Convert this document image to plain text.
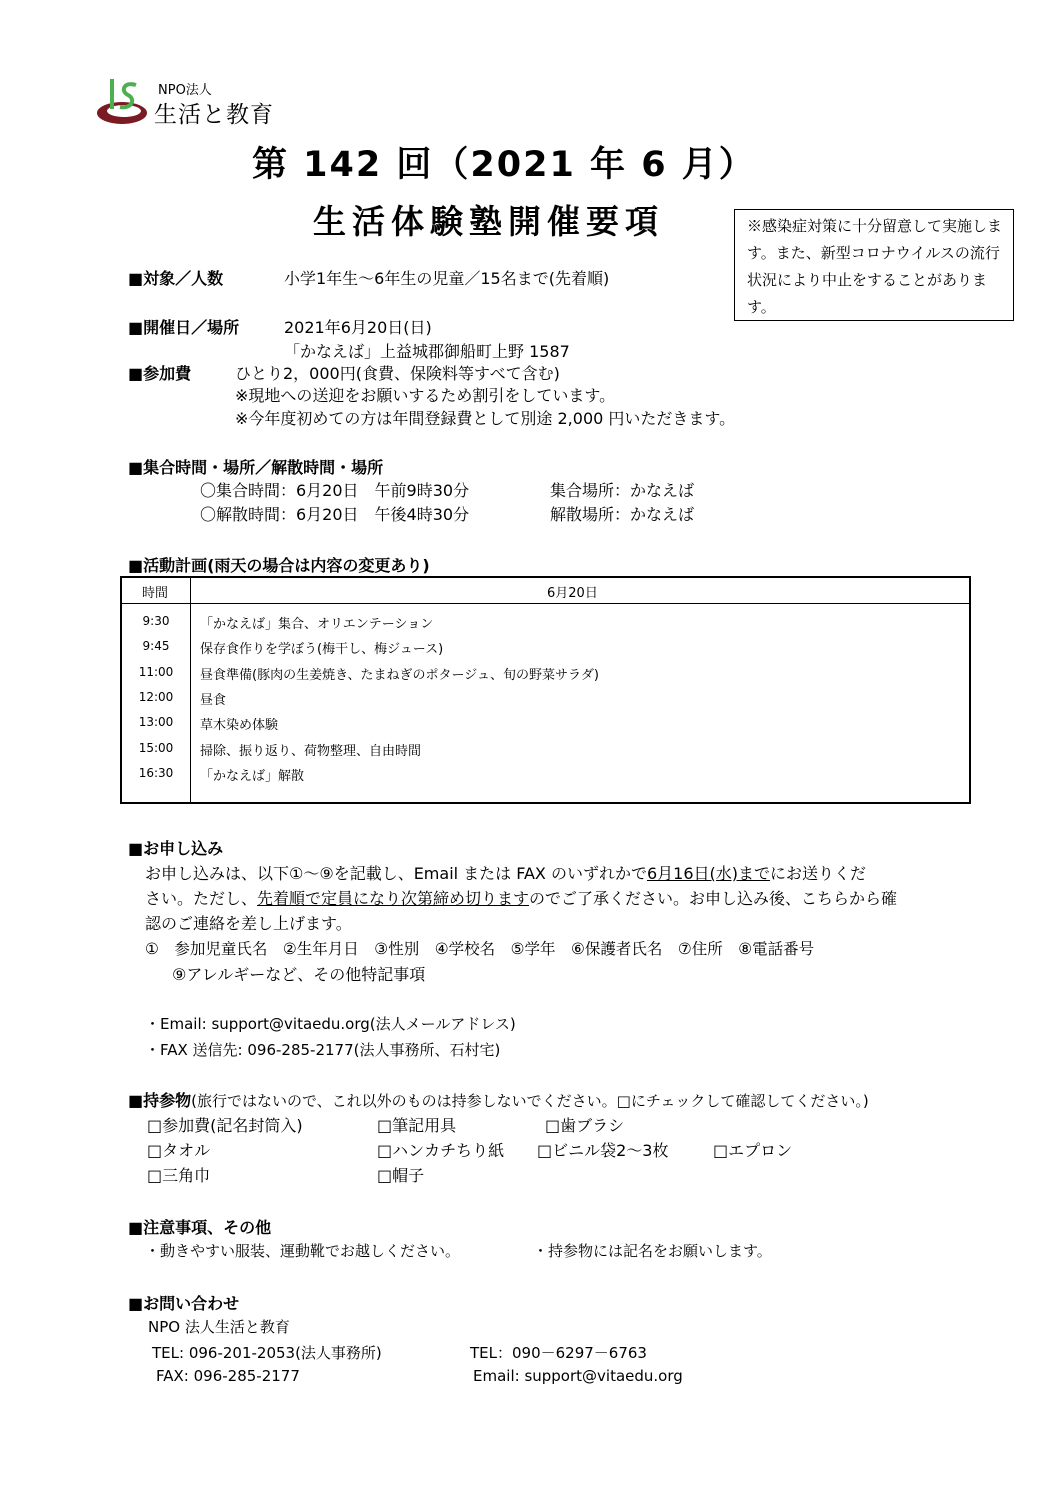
NPO法人
生活と教育
第 142 回（2021 年 6 月）
生活体験塾開催要項	※感染症対策に十分留意して実施します。また、新型コロナウイルスの流行状況により中止をすることがあります。
■対象／人数	小学1年生～6年生の児童／15名まで(先着順)
■開催日／場所	2021年6月20日(日)
「かなえば」上益城郡御船町上野 1587
■参加費	ひとり2，000円(食費、保険料等すべて含む)
※現地への送迎をお願いするため割引をしています。
※今年度初めての方は年間登録費として別途 2,000 円いただきます。
■集合時間・場所／解散時間・場所
〇集合時間：6月20日　午前9時30分	集合場所：かなえば
〇解散時間：6月20日　午後4時30分	解散場所：かなえば
■活動計画(雨天の場合は内容の変更あり)
時間	6月20日
9:30	「かなえば」集合、オリエンテーション
9:45	保存食作りを学ぼう(梅干し、梅ジュース)
11:00	昼食準備(豚肉の生姜焼き、たまねぎのポタージュ、旬の野菜サラダ)
12:00	昼食
13:00	草木染め体験
15:00	掃除、振り返り、荷物整理、自由時間
16:30	「かなえば」解散
■お申し込み
お申し込みは、以下①～⑨を記載し、Email または FAX のいずれかで6月16日(水)までにお送りくだ
さい。ただし、先着順で定員になり次第締め切りますのでご了承ください。お申し込み後、こちらから確
認のご連絡を差し上げます。
①　参加児童氏名　②生年月日　③性別　④学校名　⑤学年　⑥保護者氏名　⑦住所　⑧電話番号
⑨アレルギーなど、その他特記事項
・Email: support@vitaedu.org(法人メールアドレス)
・FAX 送信先: 096-285-2177(法人事務所、石村宅)
■持参物(旅行ではないので、これ以外のものは持参しないでください。□にチェックして確認してください。)
□参加費(記名封筒入)	□筆記用具	□歯ブラシ
□タオル	□ハンカチちり紙 □ビニル袋2～3枚	□エプロン
□三角巾	□帽子
■注意事項、その他
・動きやすい服装、運動靴でお越しください。	・持参物には記名をお願いします。
■お問い合わせ
NPO 法人生活と教育
TEL: 096-201-2053(法人事務所)	TEL：090－6297－6763
FAX: 096-285-2177	Email: support@vitaedu.org
